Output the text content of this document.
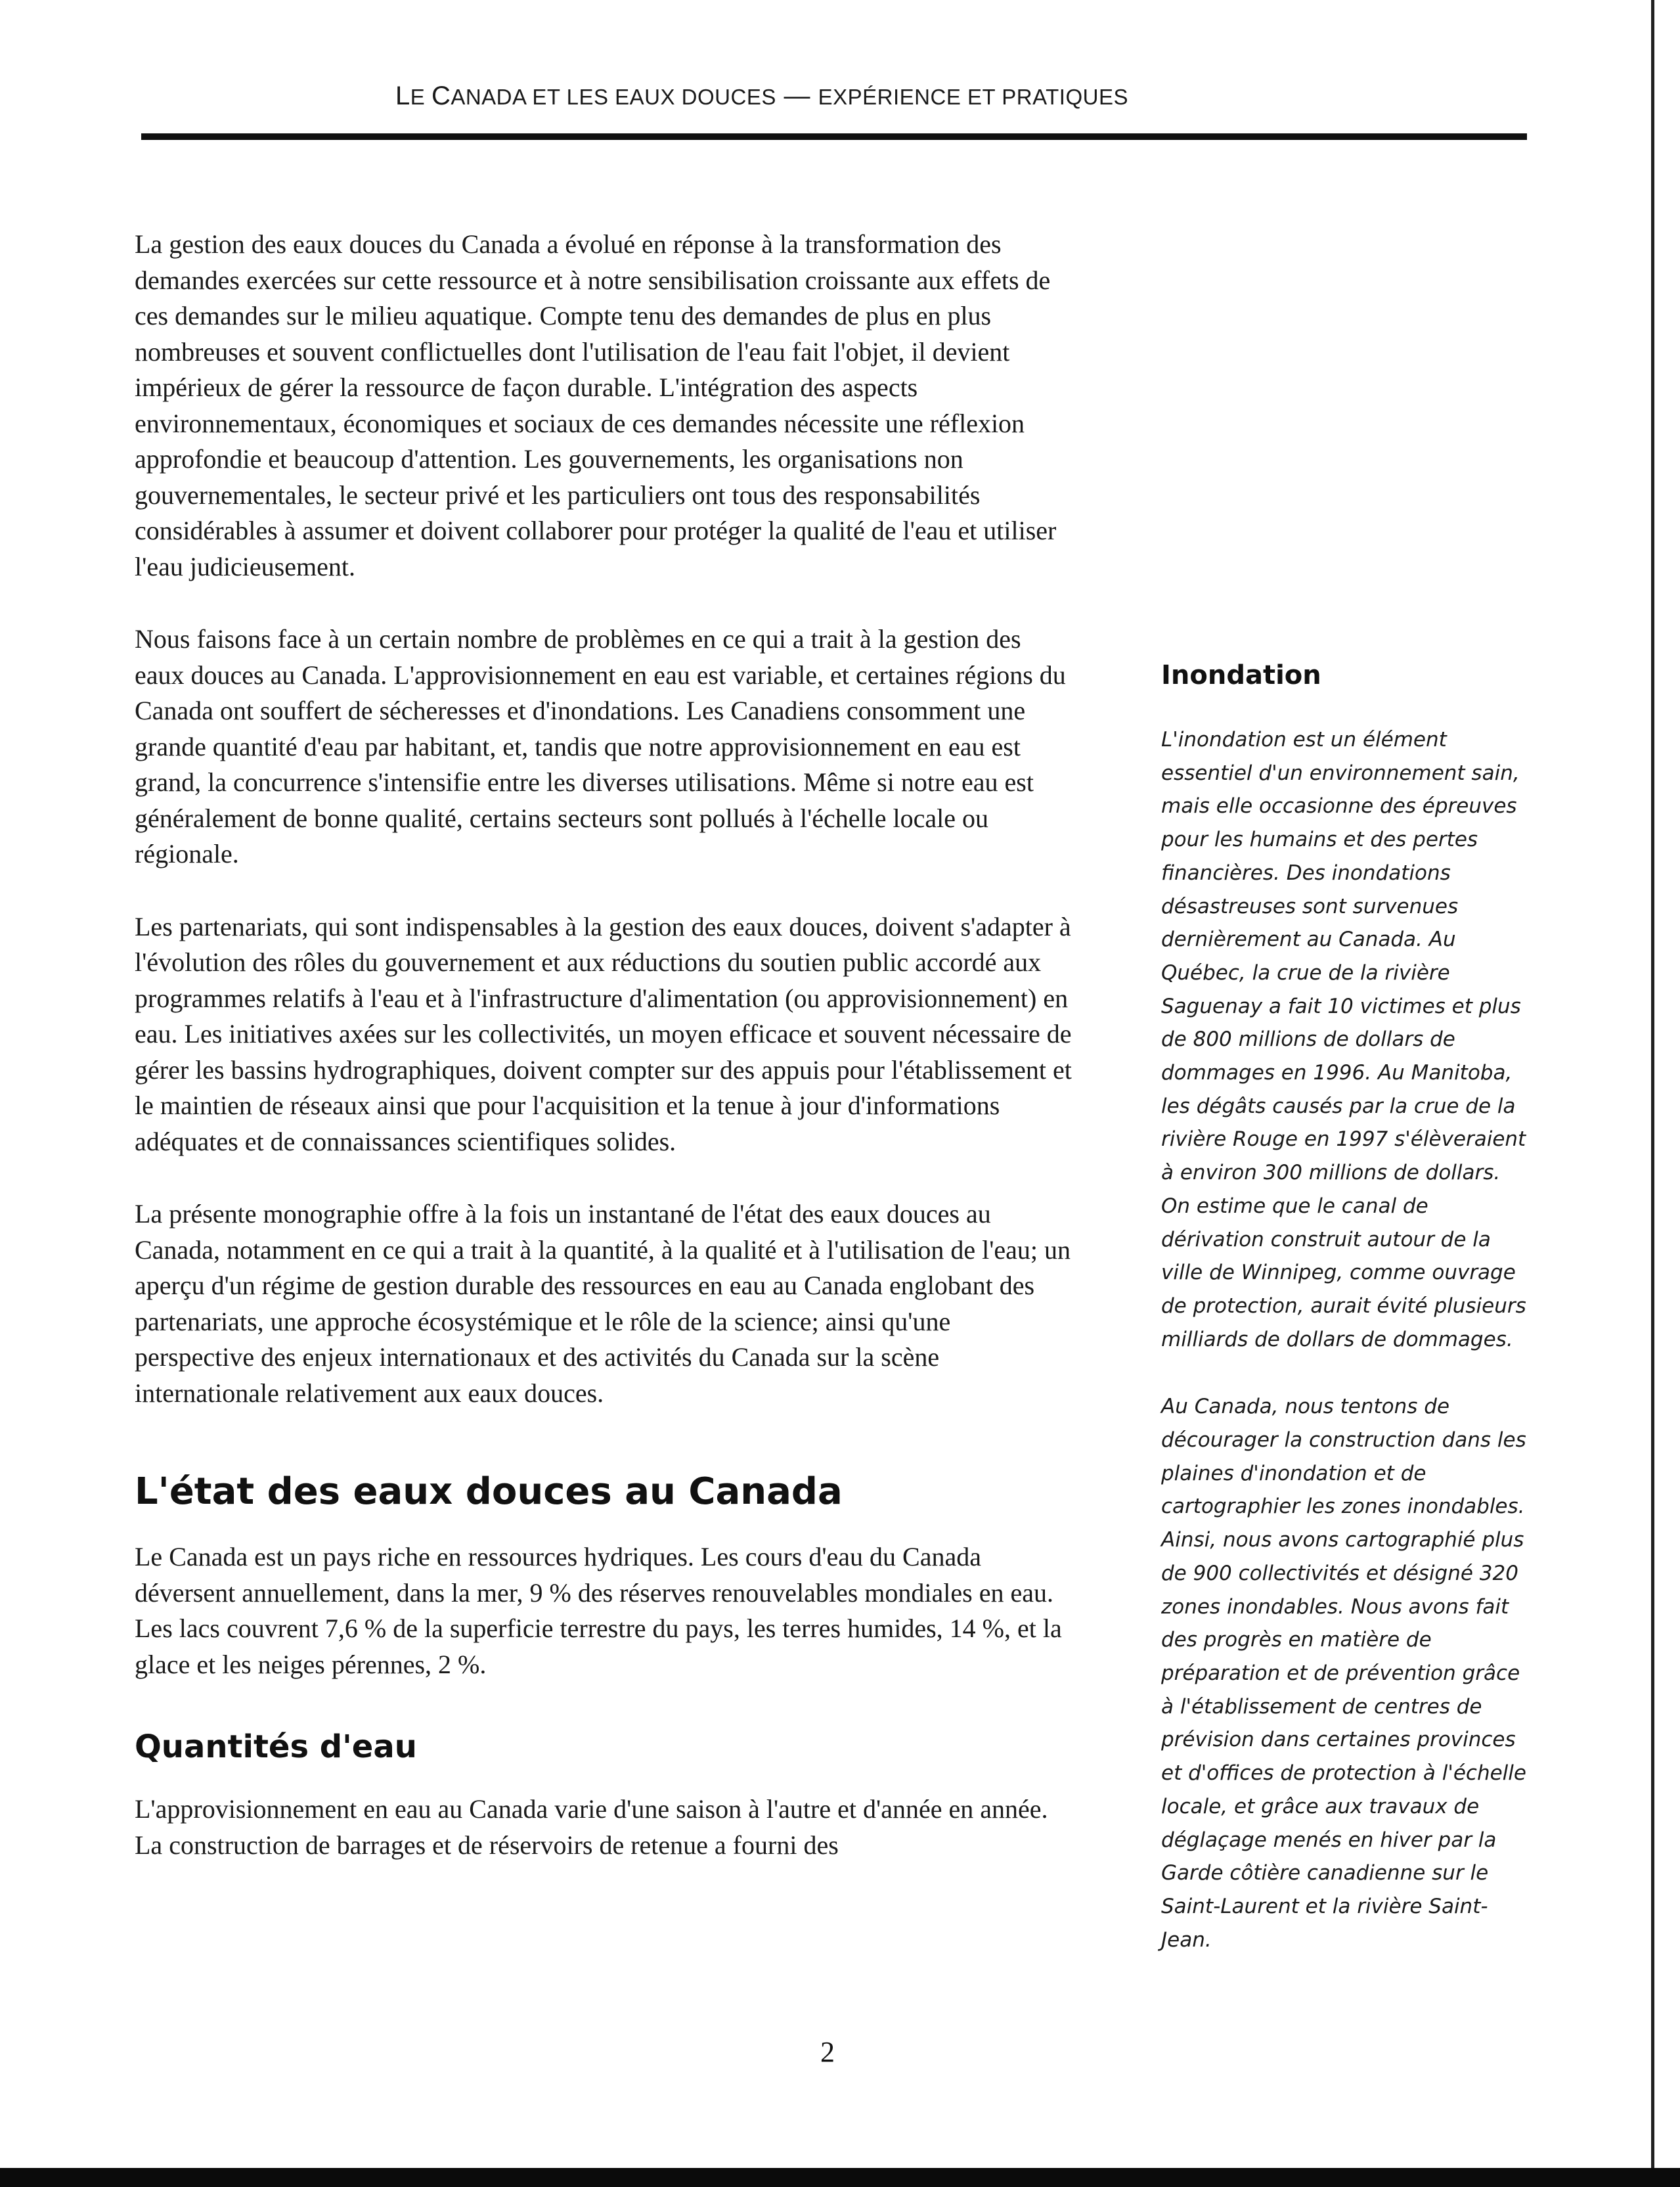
LE CANADA ET LES EAUX DOUCES — EXPÉRIENCE ET PRATIQUES

La gestion des eaux douces du Canada a évolué en réponse à la transformation des demandes exercées sur cette ressource et à notre sensibilisation croissante aux effets de ces demandes sur le milieu aquatique. Compte tenu des demandes de plus en plus nombreuses et souvent conflictuelles dont l'utilisation de l'eau fait l'objet, il devient impérieux de gérer la ressource de façon durable. L'intégration des aspects environnementaux, économiques et sociaux de ces demandes nécessite une réflexion approfondie et beaucoup d'attention. Les gouvernements, les organisations non gouvernementales, le secteur privé et les particuliers ont tous des responsabilités considérables à assumer et doivent collaborer pour protéger la qualité de l'eau et utiliser l'eau judicieusement.

Nous faisons face à un certain nombre de problèmes en ce qui a trait à la gestion des eaux douces au Canada. L'approvisionnement en eau est variable, et certaines régions du Canada ont souffert de sécheresses et d'inondations. Les Canadiens consomment une grande quantité d'eau par habitant, et, tandis que notre approvisionnement en eau est grand, la concurrence s'intensifie entre les diverses utilisations. Même si notre eau est généralement de bonne qualité, certains secteurs sont pollués à l'échelle locale ou régionale.

Les partenariats, qui sont indispensables à la gestion des eaux douces, doivent s'adapter à l'évolution des rôles du gouvernement et aux réductions du soutien public accordé aux programmes relatifs à l'eau et à l'infrastructure d'alimentation (ou approvisionnement) en eau. Les initiatives axées sur les collectivités, un moyen efficace et souvent nécessaire de gérer les bassins hydrographiques, doivent compter sur des appuis pour l'établissement et le maintien de réseaux ainsi que pour l'acquisition et la tenue à jour d'informations adéquates et de connaissances scientifiques solides.

La présente monographie offre à la fois un instantané de l'état des eaux douces au Canada, notamment en ce qui a trait à la quantité, à la qualité et à l'utilisation de l'eau; un aperçu d'un régime de gestion durable des ressources en eau au Canada englobant des partenariats, une approche écosystémique et le rôle de la science; ainsi qu'une perspective des enjeux internationaux et des activités du Canada sur la scène internationale relativement aux eaux douces.

L'état des eaux douces au Canada

Le Canada est un pays riche en ressources hydriques. Les cours d'eau du Canada déversent annuellement, dans la mer, 9 % des réserves renouvelables mondiales en eau. Les lacs couvrent 7,6 % de la superficie terrestre du pays, les terres humides, 14 %, et la glace et les neiges pérennes, 2 %.

Quantités d'eau

L'approvisionnement en eau au Canada varie d'une saison à l'autre et d'année en année. La construction de barrages et de réservoirs de retenue a fourni des

Inondation

L'inondation est un élément essentiel d'un environnement sain, mais elle occasionne des épreuves pour les humains et des pertes financières. Des inondations désastreuses sont survenues dernièrement au Canada. Au Québec, la crue de la rivière Saguenay a fait 10 victimes et plus de 800 millions de dollars de dommages en 1996. Au Manitoba, les dégâts causés par la crue de la rivière Rouge en 1997 s'élèveraient à environ 300 millions de dollars. On estime que le canal de dérivation construit autour de la ville de Winnipeg, comme ouvrage de protection, aurait évité plusieurs milliards de dollars de dommages.

Au Canada, nous tentons de décourager la construction dans les plaines d'inondation et de cartographier les zones inondables. Ainsi, nous avons cartographié plus de 900 collectivités et désigné 320 zones inondables. Nous avons fait des progrès en matière de préparation et de prévention grâce à l'établissement de centres de prévision dans certaines provinces et d'offices de protection à l'échelle locale, et grâce aux travaux de déglaçage menés en hiver par la Garde côtière canadienne sur le Saint-Laurent et la rivière Saint-Jean.

2
